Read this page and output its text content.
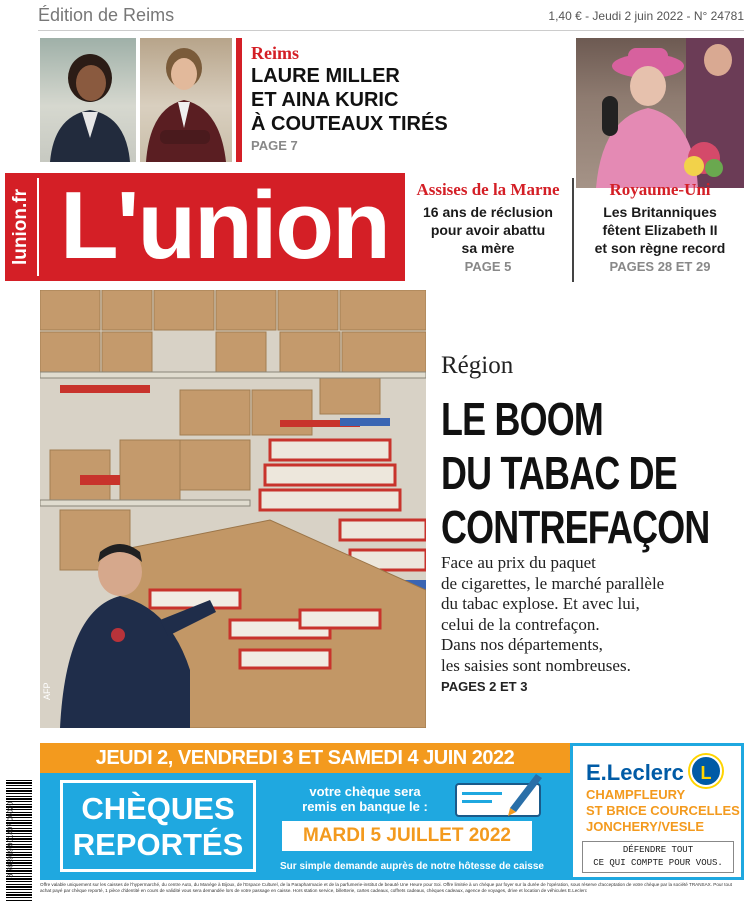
Édition de Reims	1,40 € - Jeudi 2 juin 2022 - N° 24781
Reims
LAURE MILLER
ET AINA KURIC
À COUTEAUX TIRÉS
PAGE 7
lunion.fr L'union	Assises de la Marne
16 ans de réclusion
pour avoir abattu
sa mère
PAGE 5
Royaume-Uni
Les Britanniques
fêtent Elizabeth II
et son règne record
PAGES 28 ET 29
AFP
Région
LE BOOM
DU TABAC DE
CONTREFAÇON
Face au prix du paquet
de cigarettes, le marché parallèle
du tabac explose. Et avec lui,
celui de la contrefaçon.
Dans nos départements,
les saisies sont nombreuses.
PAGES 2 ET 3
JEUDI 2, VENDREDI 3 ET SAMEDI 4 JUIN 2022
CHÈQUES
REPORTÉS
votre chèque sera
remis en banque le :
MARDI 5 JUILLET 2022
Sur simple demande auprès de notre hôtesse de caisse
E.Leclerc L
CHAMPFLEURY
ST BRICE COURCELLES
JONCHERY/VESLE
DÉFENDRE TOUT
CE QUI COMPTE POUR VOUS.
Offre valable uniquement sur les caisses de l'hypermarché, du centre Auto, du Manège à Bijoux, de l'Espace Culturel, de la Parapharmacie et de la parfumerie-institut de beauté Une Heure pour Soi. Offre limitée à un chèque par foyer sur la durée de l'opération, sous réserve d'acceptation de votre chèque par la société TRANSAX. Pour tout achat payé par chèque reporté, 1 pièce d'identité en cours de validité vous sera demandée lors de votre passage en caisse. Hors station service, billetterie, cartes cadeaux, coffrets cadeaux, chèques cadeaux, agence de voyages, drive et location de véhicules E.Leclerc
3 782919 901407 06020
